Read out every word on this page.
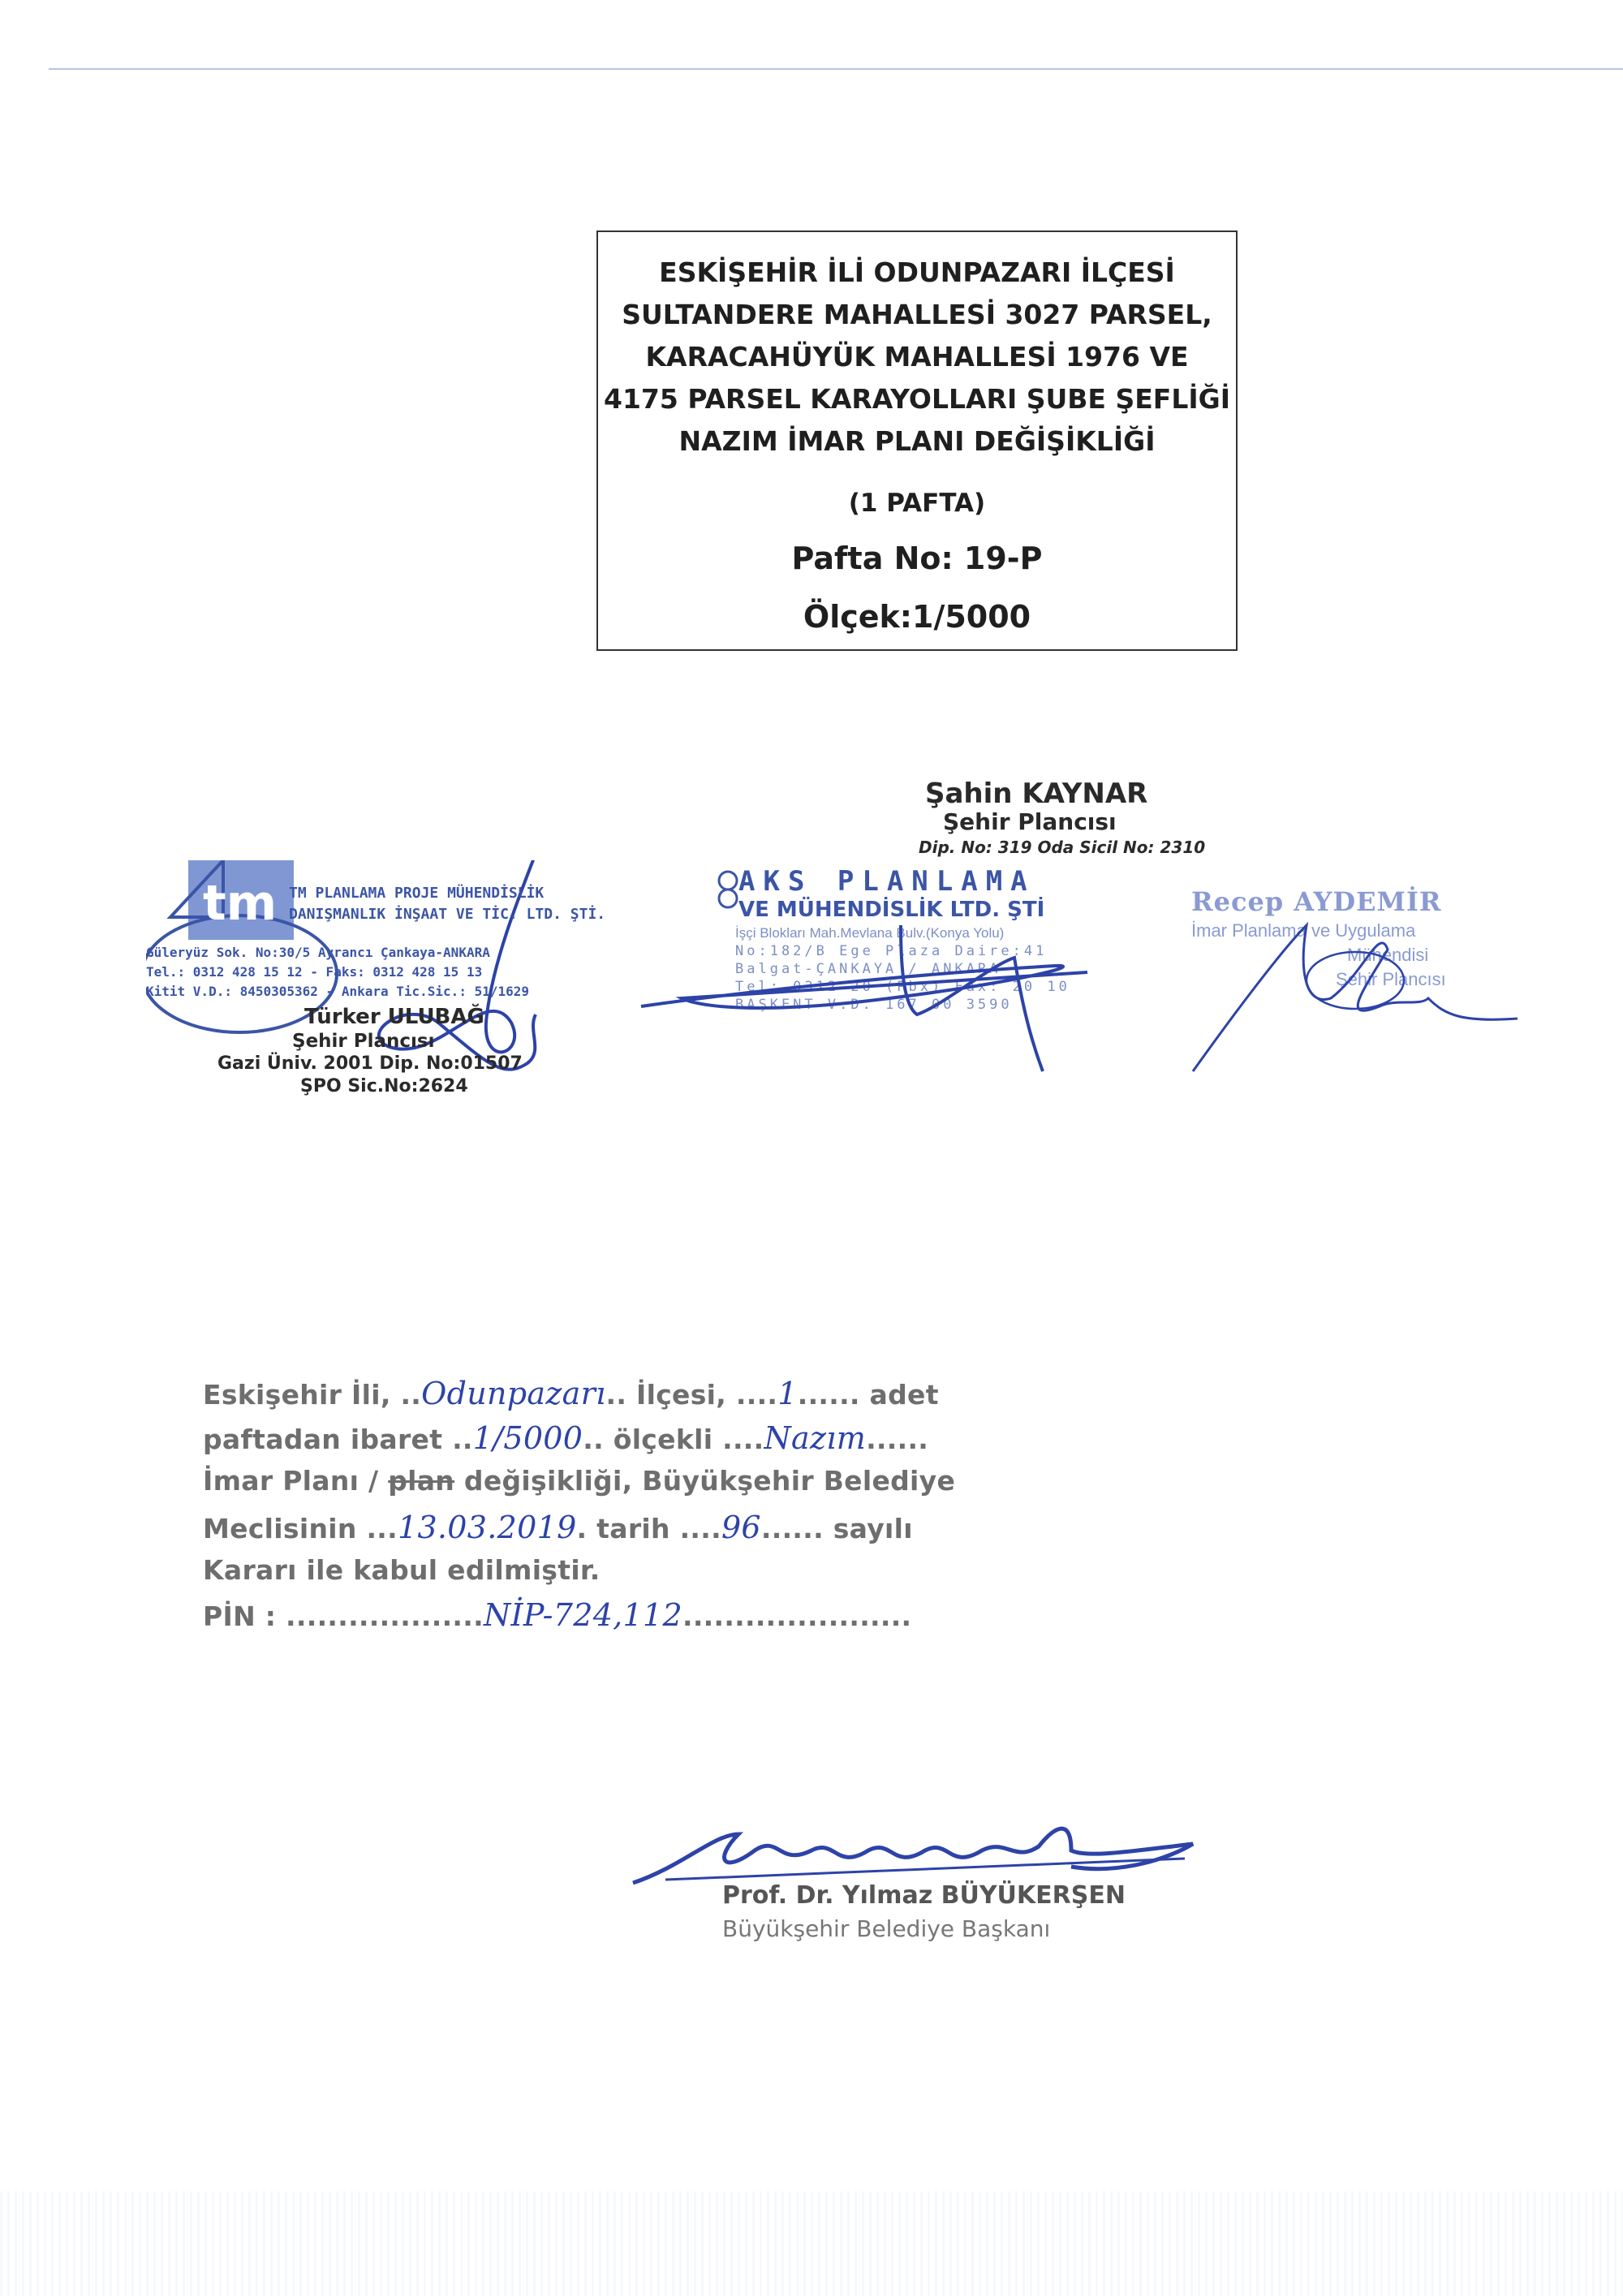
ESKİŞEHİR İLİ ODUNPAZARI İLÇESİ
SULTANDERE MAHALLESİ 3027 PARSEL,
KARACAHÜYÜK MAHALLESİ 1976 VE
4175 PARSEL KARAYOLLARI ŞUBE ŞEFLİĞİ
NAZIM İMAR PLANI DEĞİŞİKLİĞİ
(1 PAFTA)
Pafta No: 19-P
Ölçek:1/5000
tm TM PLANLAMA PROJE MÜHENDİSLİK
DANIŞMANLIK İNŞAAT VE TİC. LTD. ŞTİ.
Güleryüz Sok. No:30/5 Ayrancı Çankaya-ANKARA
Tel.: 0312 428 15 12 - Faks: 0312 428 15 13
Kitit V.D.: 8450305362 - Ankara Tic.Sic.: 51/1629
Türker ULUBAĞ
Şehir Plancısı
Gazi Üniv. 2001 Dip. No:01507
ŞPO Sic.No:2624
Şahin KAYNAR
Şehir Plancısı
Dip. No: 319 Oda Sicil No: 2310
AKS PLANLAMA
VE MÜHENDİSLİK LTD. ŞTİ
İşçi Blokları Mah.Mevlana Bulv.(Konya Yolu)
No:182/B Ege Plaza Daire:41
Balgat-ÇANKAYA / ANKARA
Tel: 0312 20 (Pbx) Fax: 20 10
BAŞKENT V.D. 167 00 3590
Recep AYDEMİR
İmar Planlama ve Uygulama
Mühendisi
Şehir Plancısı
Eskişehir İli, ..Odunpazarı.. İlçesi, ....1...... adet
paftadan ibaret ..1/5000.. ölçekli ....Nazım......
İmar Planı / plan değişikliği, Büyükşehir Belediye
Meclisinin ...13.03.2019. tarih ....96...... sayılı
Kararı ile kabul edilmiştir.
PİN : ...................NİP-724,112......................
Prof. Dr. Yılmaz BÜYÜKERŞEN
Büyükşehir Belediye Başkanı
